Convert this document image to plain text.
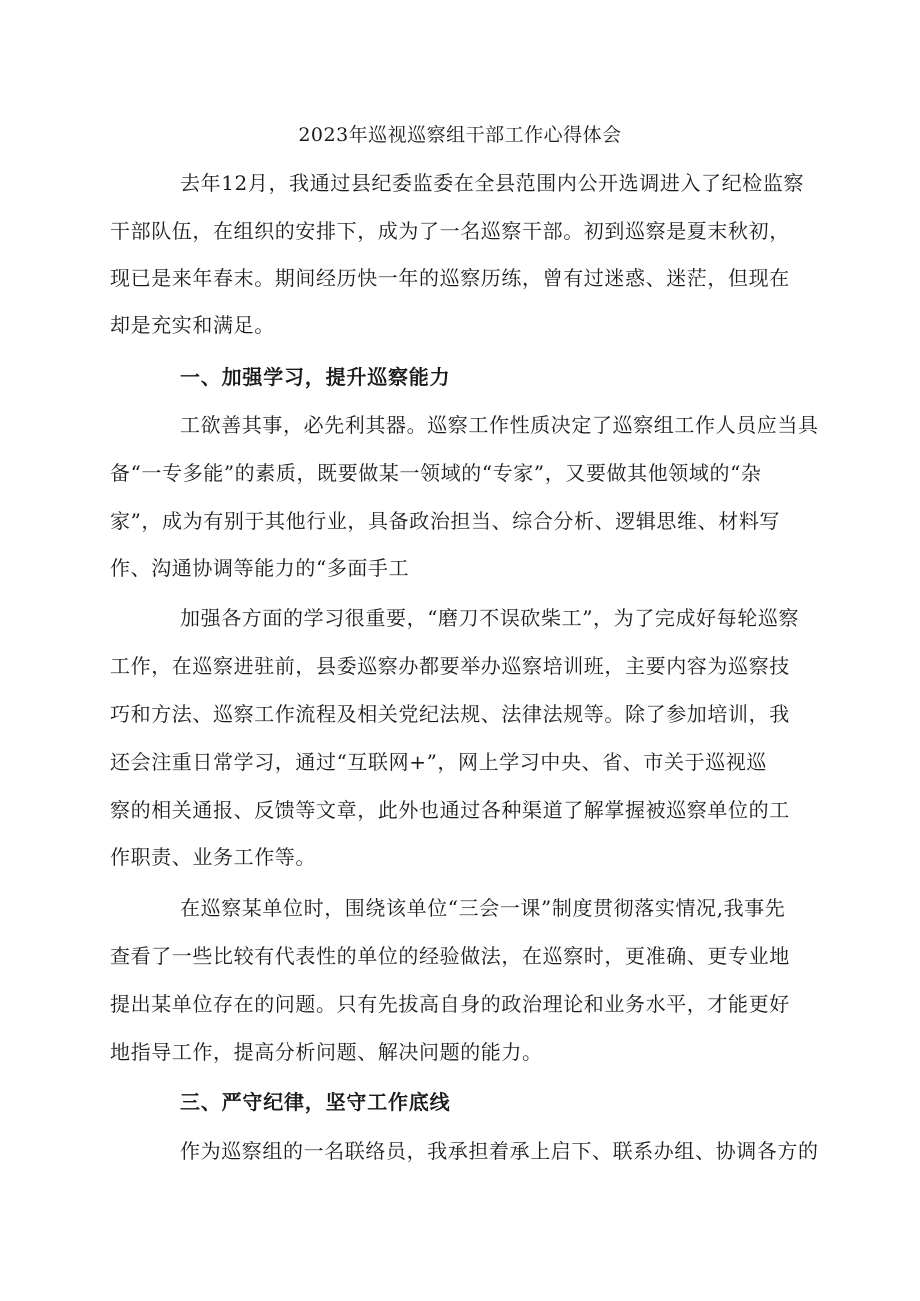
2023年巡视巡察组干部工作心得体会
去年12月，我通过县纪委监委在全县范围内公开选调进入了纪检监察
干部队伍，在组织的安排下，成为了一名巡察干部。初到巡察是夏末秋初，
现已是来年春末。期间经历快一年的巡察历练，曾有过迷惑、迷茫，但现在
却是充实和满足。
一、加强学习，提升巡察能力
工欲善其事，必先利其器。巡察工作性质决定了巡察组工作人员应当具
备“一专多能”的素质，既要做某一领域的“专家”，又要做其他领域的“杂
家”，成为有别于其他行业，具备政治担当、综合分析、逻辑思维、材料写
作、沟通协调等能力的“多面手工
加强各方面的学习很重要，“磨刀不误砍柴工”，为了完成好每轮巡察
工作，在巡察进驻前，县委巡察办都要举办巡察培训班，主要内容为巡察技
巧和方法、巡察工作流程及相关党纪法规、法律法规等。除了参加培训，我
还会注重日常学习，通过“互联网+”，网上学习中央、省、市关于巡视巡
察的相关通报、反馈等文章，此外也通过各种渠道了解掌握被巡察单位的工
作职责、业务工作等。
在巡察某单位时，围绕该单位“三会一课”制度贯彻落实情况,我事先
查看了一些比较有代表性的单位的经验做法，在巡察时，更准确、更专业地
提出某单位存在的问题。只有先拔高自身的政治理论和业务水平，才能更好
地指导工作，提高分析问题、解决问题的能力。
三、严守纪律，坚守工作底线
作为巡察组的一名联络员，我承担着承上启下、联系办组、协调各方的
